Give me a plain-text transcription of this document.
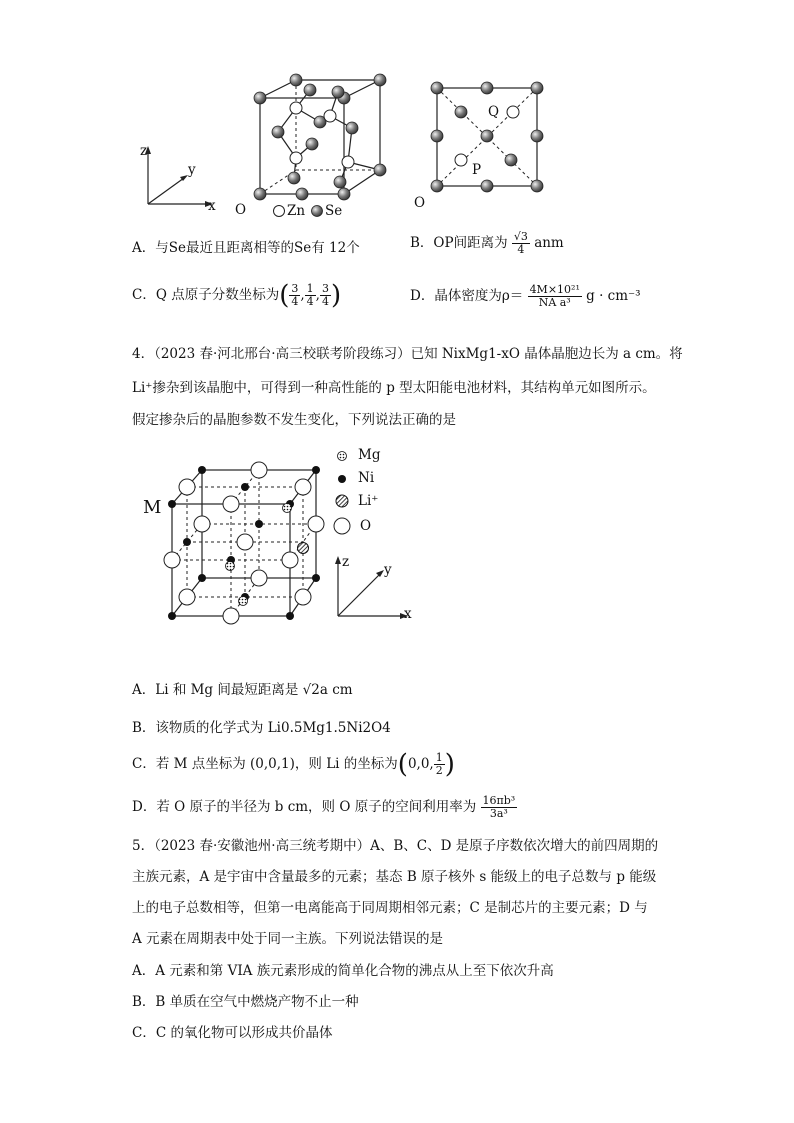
z
y
x O	Zn Se
Q
P
O
A．与Se最近且距离相等的Se有 12个	B．OP间距离为 $\frac{√3}{4}$ anm
C．Q 点原子分数坐标为( $\frac{3}{4}$ , $\frac{1}{4}$ , $\frac{3}{4}$ )	D．晶体密度为$\rho= \frac{\text{4M×10²¹}}{\text{NA a³}}$ g · cm⁻³
4．（2023 春·河北邢台·高三校联考阶段练习）已知 NixMg1-xO 晶体晶胞边长为 a cm。将
Li⁺掺杂到该晶胞中，可得到一种高性能的 p 型太阳能电池材料，其结构单元如图所示。
假定掺杂后的晶胞参数不发生变化，下列说法正确的是
M
Mg
Ni
Li⁺
O
z	y
x
A．Li 和 Mg 间最短距离是 √2a cm
B．该物质的化学式为 Li0.5Mg1.5Ni2O4
C．若 M 点坐标为 (0,0,1)，则 Li 的坐标为(0,0, $\frac{1}{2}$ )
D．若 O 原子的半径为 b cm，则 O 原子的空间利用率为 $\frac{\text{16πb³}}{\text{3a³}}$
5．（2023 春·安徽池州·高三统考期中）A、B、C、D 是原子序数依次增大的前四周期的
主族元素，A 是宇宙中含量最多的元素；基态 B 原子核外 s 能级上的电子总数与 p 能级
上的电子总数相等，但第一电离能高于同周期相邻元素；C 是制芯片的主要元素；D 与
A 元素在周期表中处于同一主族。下列说法错误的是
A．A 元素和第 VIA 族元素形成的简单化合物的沸点从上至下依次升高
B．B 单质在空气中燃烧产物不止一种
C．C 的氧化物可以形成共价晶体
